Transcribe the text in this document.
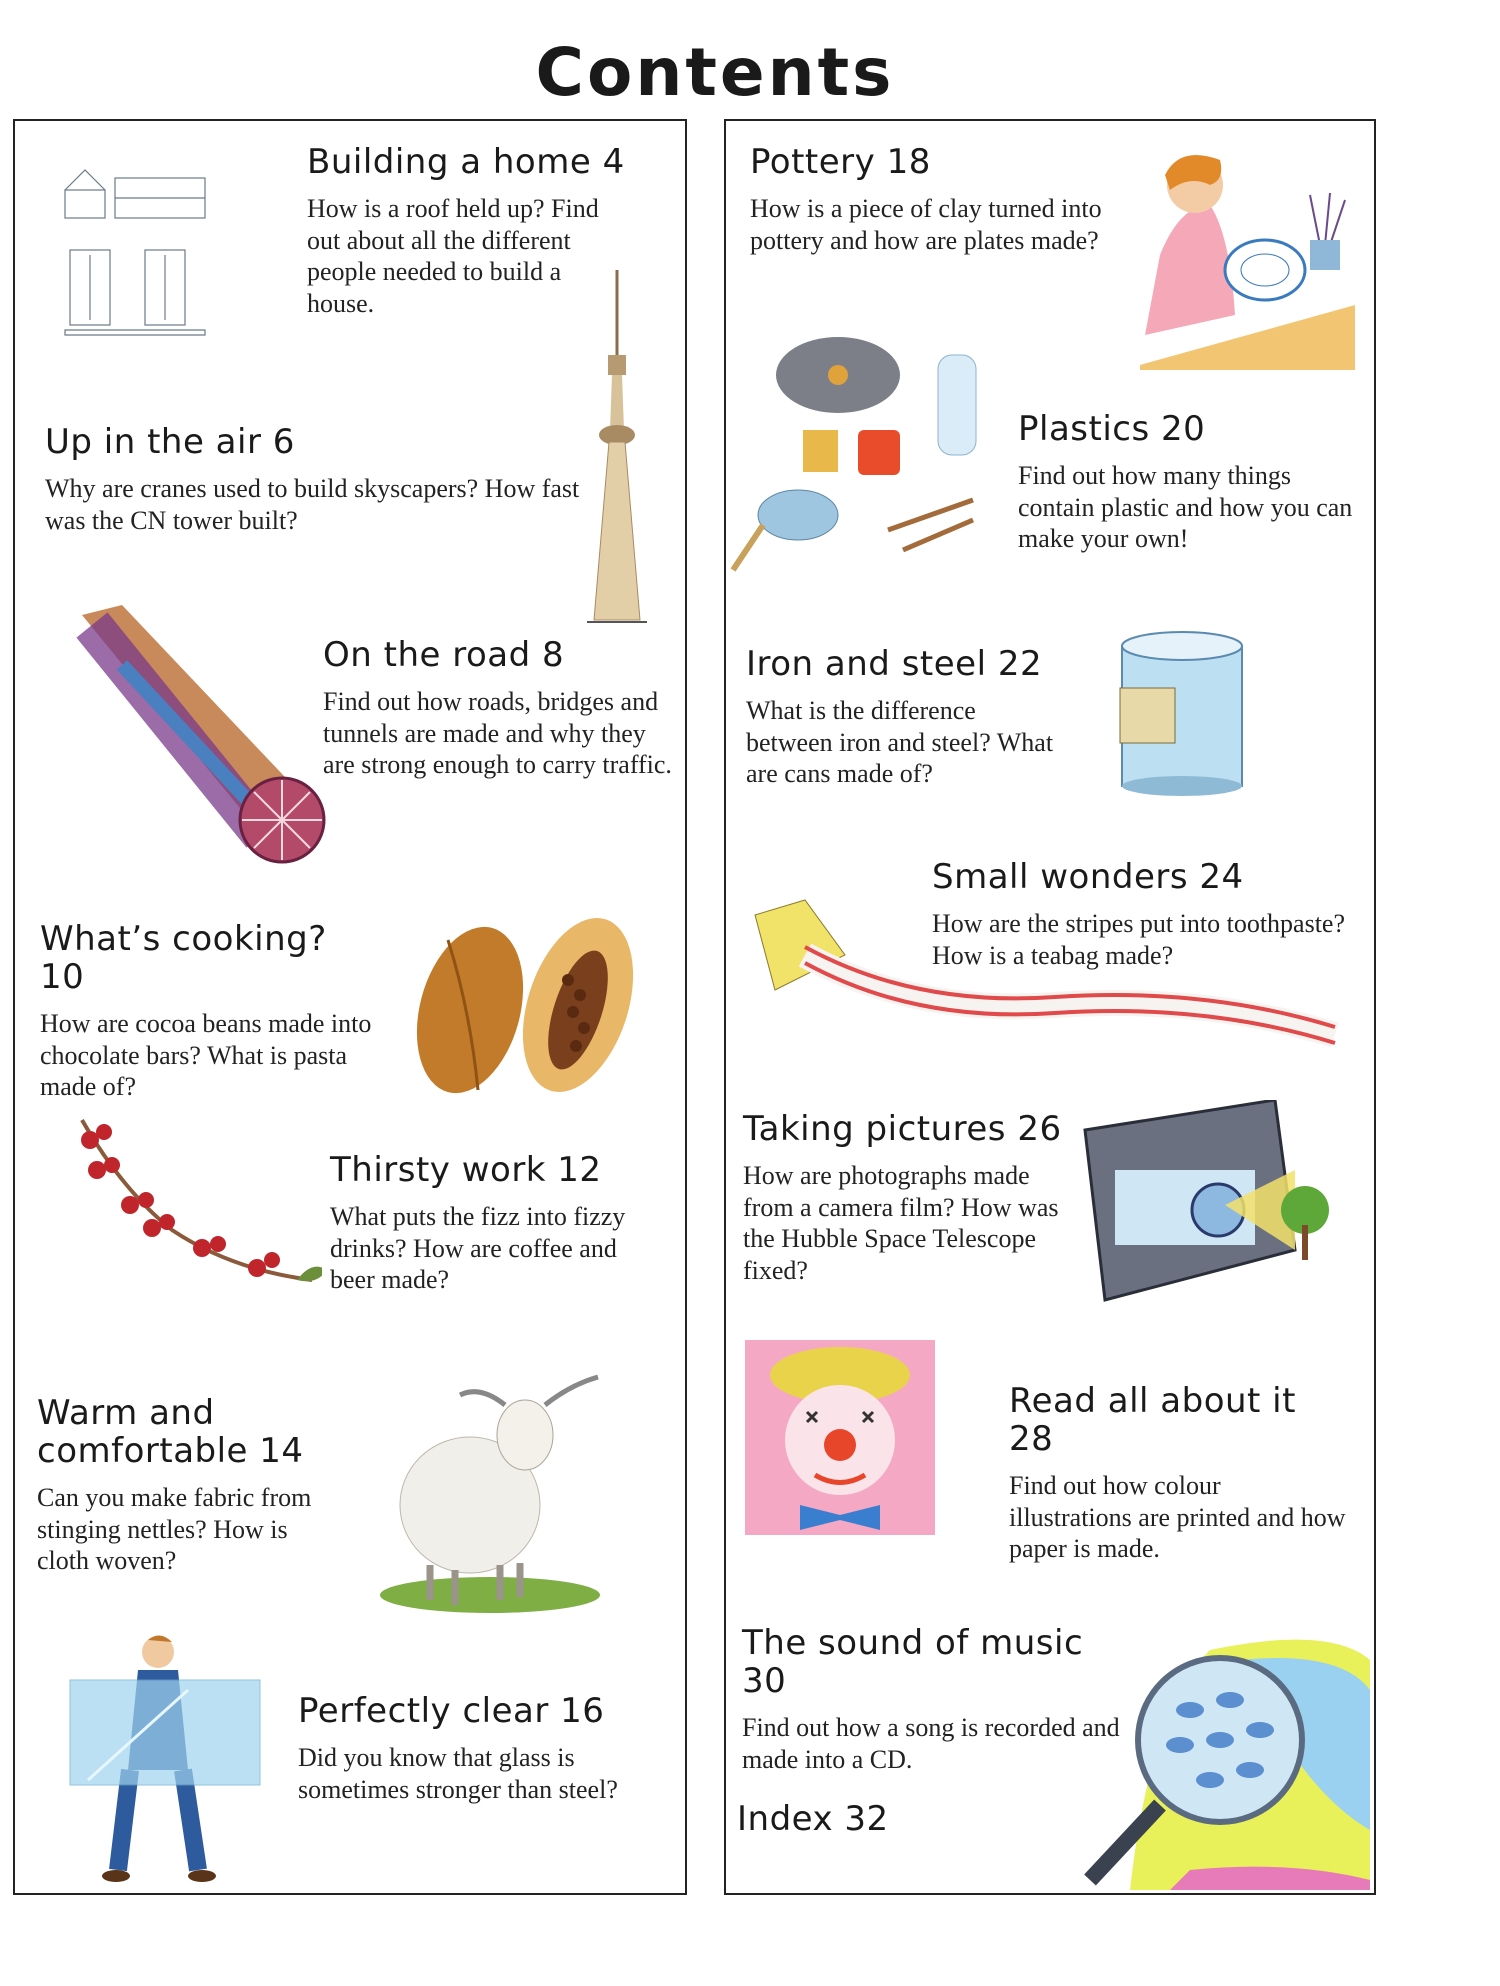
Contents
Building a home 4

How is a roof held up? Find out about all the different people needed to build a house.

Up in the air 6

Why are cranes used to build skyscapers? How fast was the CN tower built?

On the road 8

Find out how roads, bridges and tunnels are made and why they are strong enough to carry traffic.

What’s cooking? 10

How are cocoa beans made into chocolate bars? What is pasta made of?

Thirsty work 12

What puts the fizz into fizzy drinks? How are coffee and beer made?

Warm and
comfortable 14

Can you make fabric from stinging nettles? How is cloth woven?

Perfectly clear 16

Did you know that glass is sometimes stronger than steel?

Pottery 18

How is a piece of clay turned into pottery and how are plates made?

Plastics 20

Find out how many things contain plastic and how you can make your own!

Iron and steel 22

What is the difference between iron and steel? What are cans made of?

Small wonders 24

How are the stripes put into toothpaste? How is a teabag made?

Taking pictures 26

How are photographs made from a camera film? How was the Hubble Space Telescope fixed?

Read all about it 28

Find out how colour illustrations are printed and how paper is made.

The sound of music 30

Find out how a song is recorded and made into a CD.

Index 32
